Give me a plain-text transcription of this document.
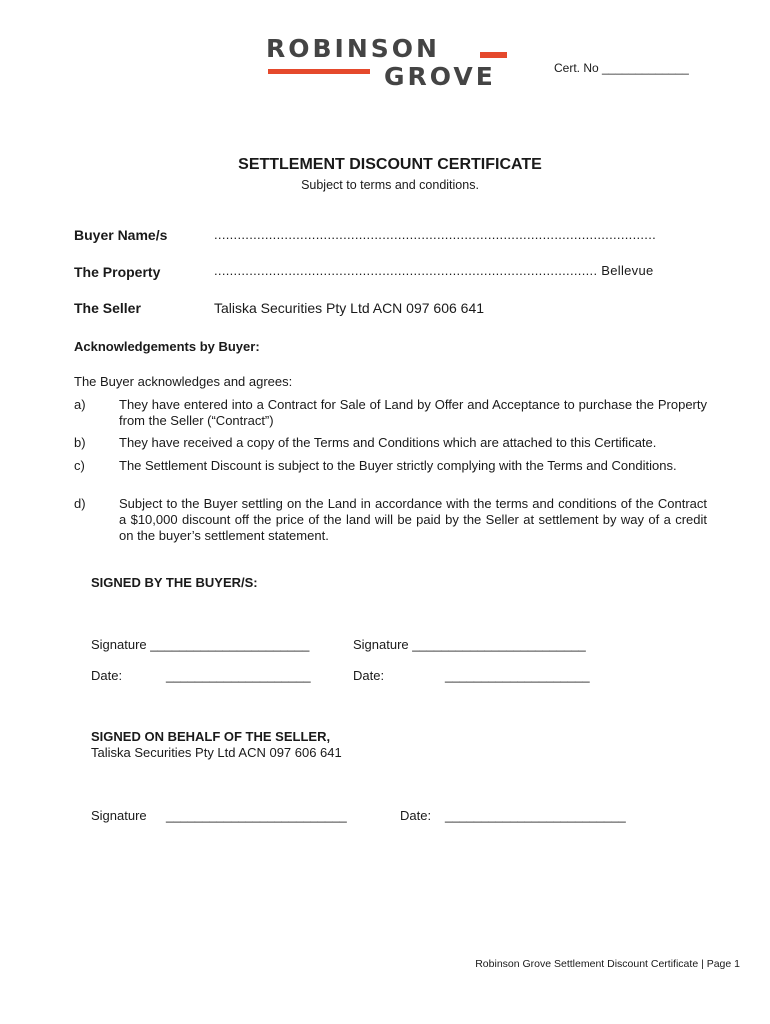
ROBINSON
GROVE	Cert. No _____________
SETTLEMENT DISCOUNT CERTIFICATE
Subject to terms and conditions.
Buyer Name/s	.................................................................................................................
The Property	.................................................................................................. Bellevue
The Seller	Taliska Securities Pty Ltd ACN 097 606 641
Acknowledgements by Buyer:
The Buyer acknowledges and agrees:
a)	They have entered into a Contract for Sale of Land by Offer and Acceptance to purchase the Property from the Seller (“Contract”)
b)	They have received a copy of the Terms and Conditions which are attached to this Certificate.
c)	The Settlement Discount is subject to the Buyer strictly complying with the Terms and Conditions.
d)	Subject to the Buyer settling on the Land in accordance with the terms and conditions of the Contract a $10,000 discount off the price of the land will be paid by the Seller at settlement by way of a credit on the buyer’s settlement statement.
SIGNED BY THE BUYER/S:
Signature ______________________	Signature ________________________
Date:	____________________	Date:	____________________
SIGNED ON BEHALF OF THE SELLER,
Taliska Securities Pty Ltd ACN 097 606 641
Signature _________________________	Date: _________________________
Robinson Grove Settlement Discount Certificate | Page 1
